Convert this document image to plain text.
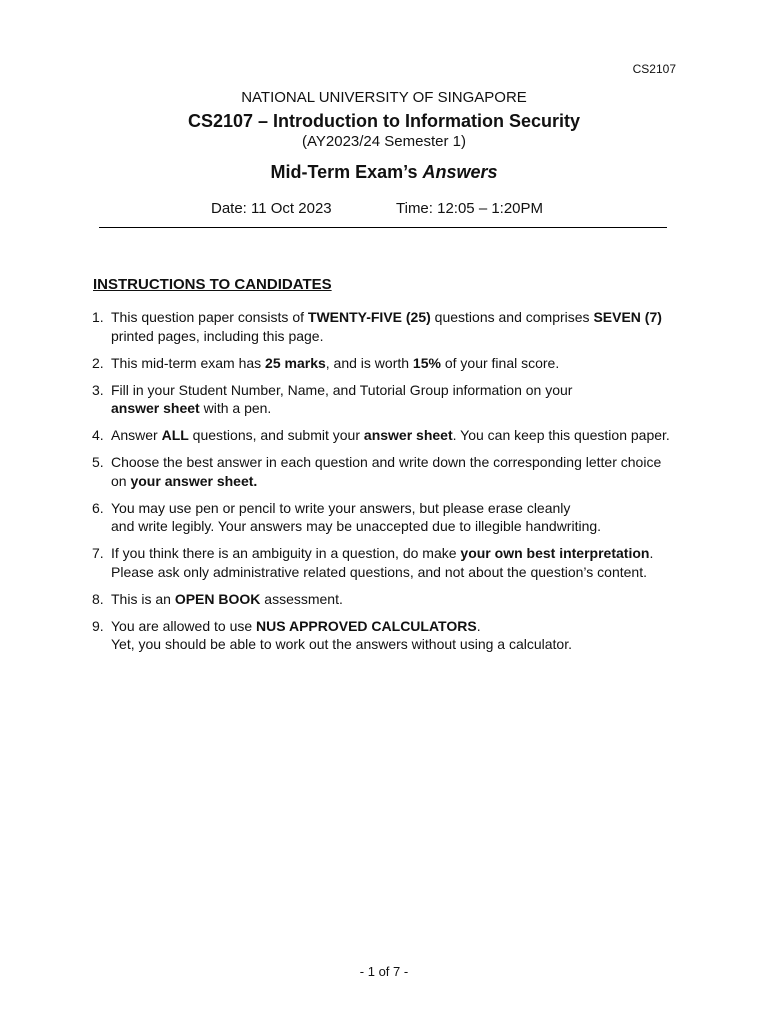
CS2107
NATIONAL UNIVERSITY OF SINGAPORE
CS2107 – Introduction to Information Security
(AY2023/24 Semester 1)
Mid-Term Exam’s Answers
Date: 11 Oct 2023	Time: 12:05 – 1:20PM
INSTRUCTIONS TO CANDIDATES
1. This question paper consists of TWENTY-FIVE (25) questions and comprises SEVEN (7)
printed pages, including this page.
2. This mid-term exam has 25 marks, and is worth 15% of your final score.
3. Fill in your Student Number, Name, and Tutorial Group information on your
answer sheet with a pen.
4. Answer ALL questions, and submit your answer sheet. You can keep this question paper.
5. Choose the best answer in each question and write down the corresponding letter choice
on your answer sheet.
6. You may use pen or pencil to write your answers, but please erase cleanly
and write legibly. Your answers may be unaccepted due to illegible handwriting.
7. If you think there is an ambiguity in a question, do make your own best interpretation.
Please ask only administrative related questions, and not about the question’s content.
8. This is an OPEN BOOK assessment.
9. You are allowed to use NUS APPROVED CALCULATORS.
Yet, you should be able to work out the answers without using a calculator.
- 1 of 7 -
